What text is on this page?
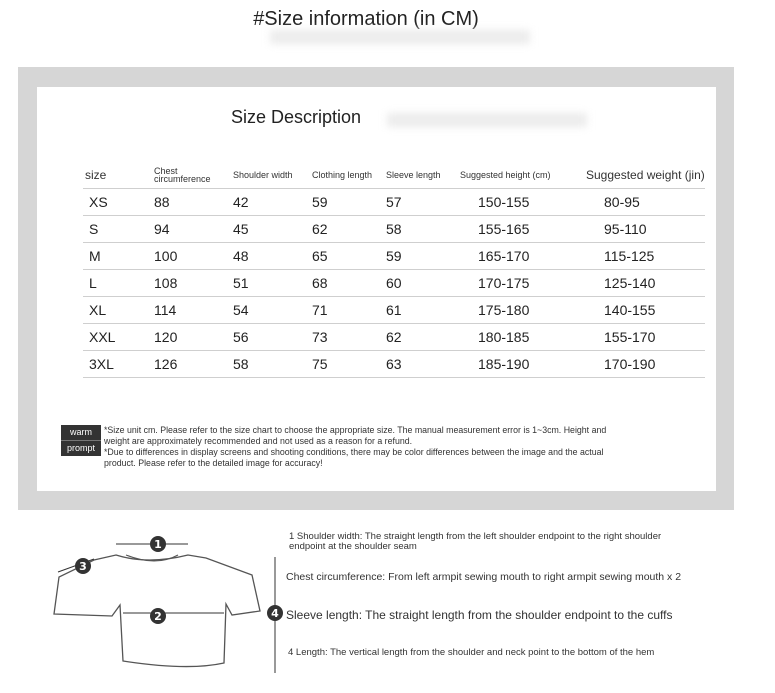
#Size information (in CM)
Size Description
size	Chest circumference	Shoulder width	Clothing length	Sleeve length	Suggested height (cm)	Suggested weight (jin)
XS	88	42	59	57	150-155	80-95
S	94	45	62	58	155-165	95-110
M	100	48	65	59	165-170	115-125
L	108	51	68	60	170-175	125-140
XL	114	54	71	61	175-180	140-155
XXL	120	56	73	62	180-185	155-170
3XL	126	58	75	63	185-190	170-190
warm
prompt

*Size unit cm. Please refer to the size chart to choose the appropriate size. The manual measurement error is 1~3cm. Height and

weight are approximately recommended and not used as a reason for a refund.

*Due to differences in display screens and shooting conditions, there may be color differences between the image and the actual

product. Please refer to the detailed image for accuracy!

1
2
3
4
1 Shoulder width: The straight length from the left shoulder endpoint to the right shoulder
endpoint at the shoulder seam
Chest circumference: From left armpit sewing mouth to right armpit sewing mouth x 2
Sleeve length: The straight length from the shoulder endpoint to the cuffs
4 Length: The vertical length from the shoulder and neck point to the bottom of the hem
